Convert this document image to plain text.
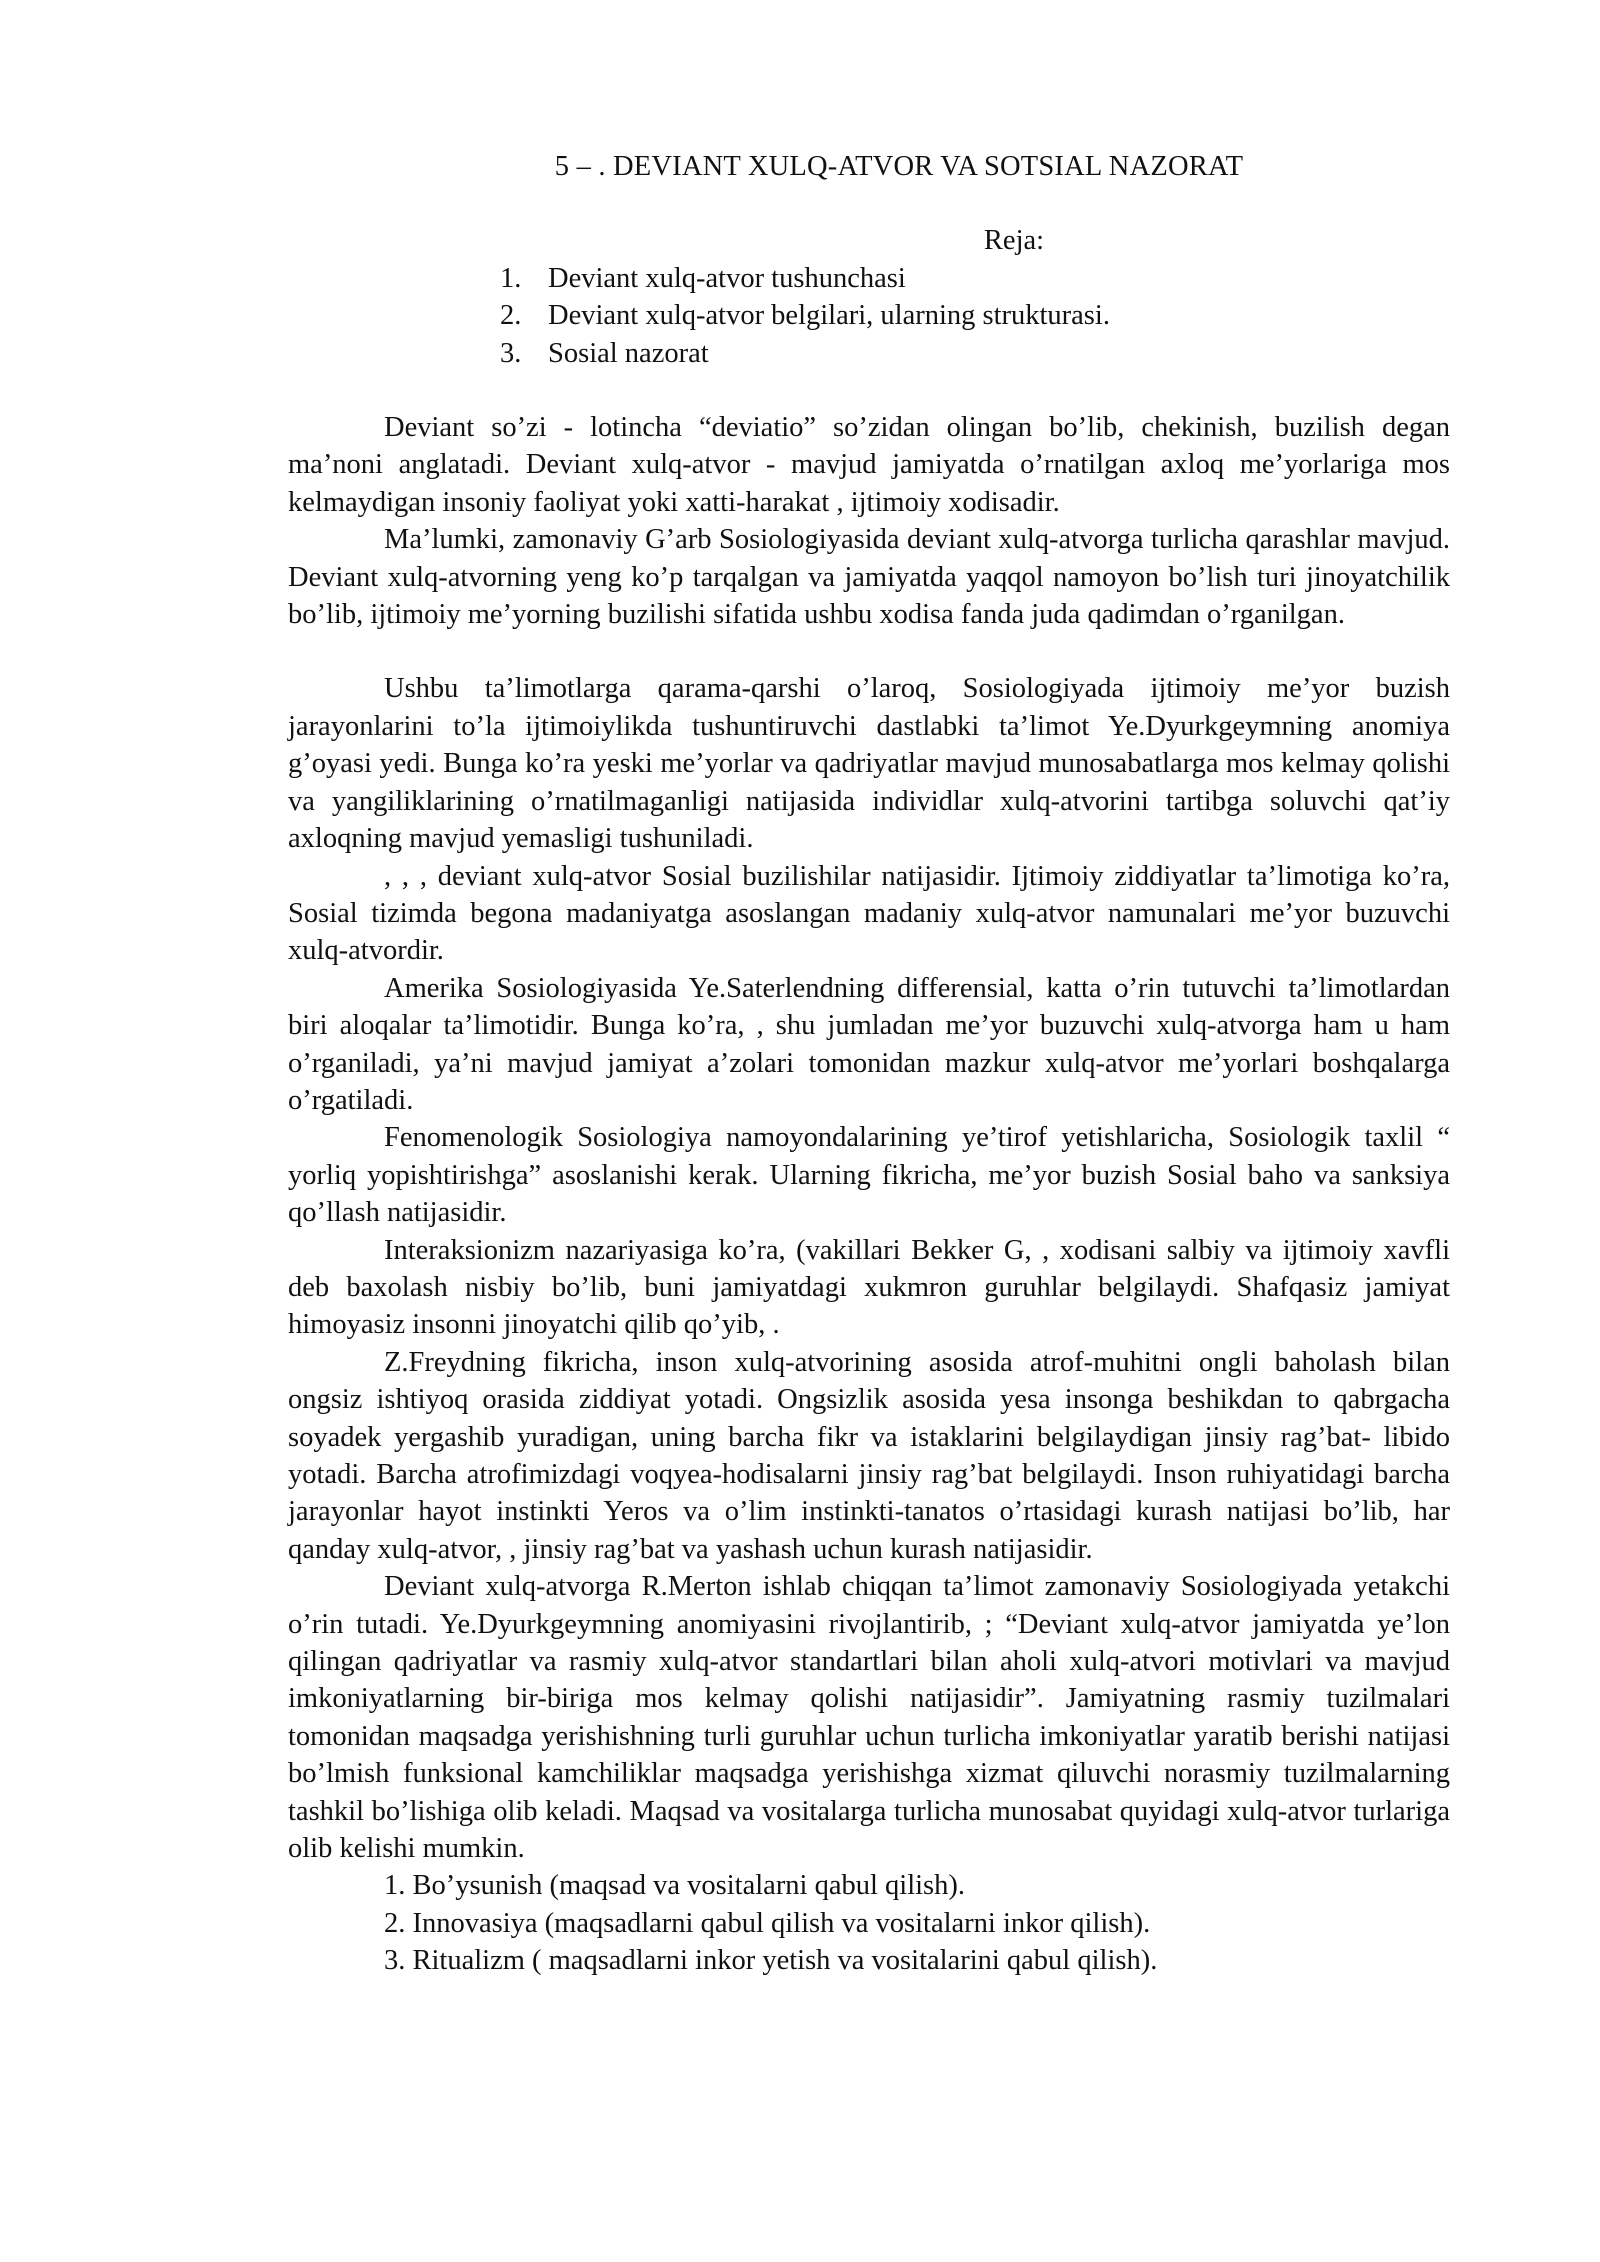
5 – . DEVIANT XULQ-ATVOR VA SOTSIAL NAZORAT
Reja:
1. Deviant xulq-atvor tushunchasi
2. Deviant xulq-atvor belgilari, ularning strukturasi.
3. Sosial nazorat

Deviant so’zi - lotincha “deviatio” so’zidan olingan bo’lib, chekinish, buzilish degan ma’noni anglatadi. Deviant xulq-atvor - mavjud jamiyatda o’rnatilgan axloq me’yorlariga mos kelmaydigan insoniy faoliyat yoki xatti-harakat , ijtimoiy xodisadir.

Ma’lumki, zamonaviy G’arb Sosiologiyasida deviant xulq-atvorga turlicha qarashlar mavjud. Deviant xulq-atvorning yeng ko’p tarqalgan va jamiyatda yaqqol namoyon bo’lish turi jinoyatchilik bo’lib, ijtimoiy me’yorning buzilishi sifatida ushbu xodisa fanda juda qadimdan o’rganilgan.

Ushbu ta’limotlarga qarama-qarshi o’laroq, Sosiologiyada ijtimoiy me’yor buzish jarayonlarini to’la ijtimoiylikda tushuntiruvchi dastlabki ta’limot Ye.Dyurkgeymning anomiya g’oyasi yedi. Bunga ko’ra yeski me’yorlar va qadriyatlar mavjud munosabatlarga mos kelmay qolishi va yangiliklarining o’rnatilmaganligi natijasida individlar xulq-atvorini tartibga soluvchi qat’iy axloqning mavjud yemasligi tushuniladi.

, , , deviant xulq-atvor Sosial buzilishilar natijasidir. Ijtimoiy ziddiyatlar ta’limotiga ko’ra, Sosial tizimda begona madaniyatga asoslangan madaniy xulq-atvor namunalari me’yor buzuvchi xulq-atvordir.

Amerika Sosiologiyasida Ye.Saterlendning differensial, katta o’rin tutuvchi ta’limotlardan biri aloqalar ta’limotidir. Bunga ko’ra, , shu jumladan me’yor buzuvchi xulq-atvorga ham u ham o’rganiladi, ya’ni mavjud jamiyat a’zolari tomonidan mazkur xulq-atvor me’yorlari boshqalarga o’rgatiladi.

Fenomenologik Sosiologiya namoyondalarining ye’tirof yetishlaricha, Sosiologik taxlil “ yorliq yopishtirishga” asoslanishi kerak. Ularning fikricha, me’yor buzish Sosial baho va sanksiya qo’llash natijasidir.

Interaksionizm nazariyasiga ko’ra, (vakillari Bekker G, , xodisani salbiy va ijtimoiy xavfli deb baxolash nisbiy bo’lib, buni jamiyatdagi xukmron guruhlar belgilaydi. Shafqasiz jamiyat himoyasiz insonni jinoyatchi qilib qo’yib, .

Z.Freydning fikricha, inson xulq-atvorining asosida atrof-muhitni ongli baholash bilan ongsiz ishtiyoq orasida ziddiyat yotadi. Ongsizlik asosida yesa insonga beshikdan to qabrgacha soyadek yergashib yuradigan, uning barcha fikr va istaklarini belgilaydigan jinsiy rag’bat- libido yotadi. Barcha atrofimizdagi voqyea-hodisalarni jinsiy rag’bat belgilaydi. Inson ruhiyatidagi barcha jarayonlar hayot instinkti Yeros va o’lim instinkti-tanatos o’rtasidagi kurash natijasi bo’lib, har qanday xulq-atvor, , jinsiy rag’bat va yashash uchun kurash natijasidir.

Deviant xulq-atvorga R.Merton ishlab chiqqan ta’limot zamonaviy Sosiologiyada yetakchi o’rin tutadi. Ye.Dyurkgeymning anomiyasini rivojlantirib, ; “Deviant xulq-atvor jamiyatda ye’lon qilingan qadriyatlar va rasmiy xulq-atvor standartlari bilan aholi xulq-atvori motivlari va mavjud imkoniyatlarning bir-biriga mos kelmay qolishi natijasidir”. Jamiyatning rasmiy tuzilmalari tomonidan maqsadga yerishishning turli guruhlar uchun turlicha imkoniyatlar yaratib berishi natijasi bo’lmish funksional kamchiliklar maqsadga yerishishga xizmat qiluvchi norasmiy tuzilmalarning tashkil bo’lishiga olib keladi. Maqsad va vositalarga turlicha munosabat quyidagi xulq-atvor turlariga olib kelishi mumkin.

1. Bo’ysunish (maqsad va vositalarni qabul qilish).
2. Innovasiya (maqsadlarni qabul qilish va vositalarni inkor qilish).
3. Ritualizm ( maqsadlarni inkor yetish va vositalarini qabul qilish).
